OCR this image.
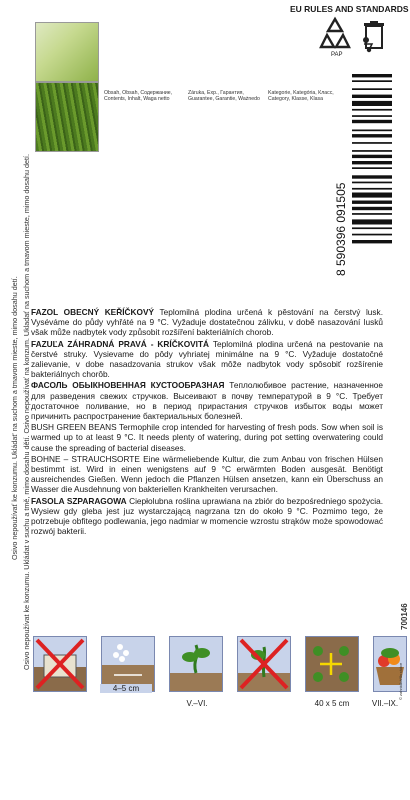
Osivo nepoužívať ke konzumu. Ukládat' na suchom a tmavom mieste, mimo dosahu detí. Osivo nepoužívat ke konzumu. Ukládat v suchu a tmě, mimo dosahu dětí. Osivo nepoužívať na konzum. Ukladať na suchom a tmavom mieste, mimo dosahu detí.	700146
EU RULES AND STANDARDS
PAP
Obsah, Obsah, Содержание,
Contents, Inhalt, Waga netto
Záruka, Exp., Гарантия,
Guarantee, Garantie, Ważnedo
Kategorie, Kategória, Класс,
Category, Klasse, Klasa
8 590396 091505

FAZOL OBECNÝ KEŘÍČKOVÝ Teplomilná plodina určená k pěstování na čerstvý lusk. Vyséváme do půdy vyhřáté na 9 °C. Vyžaduje dostatečnou zálivku, v době nasazování lusků však může nadbytek vody způsobit rozšíření bakteriálních chorob.

FAZUĽA ZÁHRADNÁ PRAVÁ - KRÍČKOVITÁ Teplomilná plodina určená na pestovanie na čerstvé struky. Vysievame do pôdy vyhriatej minimálne na 9 °C. Vyžaduje dostatočné zalievanie, v dobe nasadzovania strukov však môže nadbytok vody spôsobiť rozšírenie bakteriálnych chorôb.

ФАСОЛЬ ОБЫКНОВЕННАЯ КУСТООБРАЗНАЯ Теплолюбивое растение, назначенное для разведения свежих стручков. Высеивают в почву температурой в 9 °C. Требует достаточное поливание, но в период прирастания стручков избыток воды может причинить распространение бактериальных болезней.

BUSH GREEN BEANS Termophile crop intended for harvesting of fresh pods. Sow when soil is warmed up to at least 9 °C. It needs plenty of watering, during pot setting overwatering could cause the spreading of bacterial diseases.

BOHNE – STRAUCHSORTE Eine wärmeliebende Kultur, die zum Anbau von frischen Hülsen bestimmt ist. Wird in einen wenigstens auf 9 °C erwärmten Boden ausgesät. Benötigt ausreichendes Gießen. Wenn jedoch die Pflanzen Hülsen ansetzen, kann ein Überschuss an Wasser die Ausdehnung von bakteriellen Krankheiten verursachen.

FASOLA SZPARAGOWA Ciepłolubna roślina uprawiana na zbiór do bezpośredniego spożycia. Wysiew gdy gleba jest juz wystarczającą nagrzana tzn do około 9 °C. Pozmimo tego, że potrzebuje obfitego podlewania, jego nadmiar w momencie wzrostu strąków może spowodować rozwój bakterii.

4–5 cm
V.–VI.	40 x 5 cm	VII.–IX.
© zahrádkářův rádce
